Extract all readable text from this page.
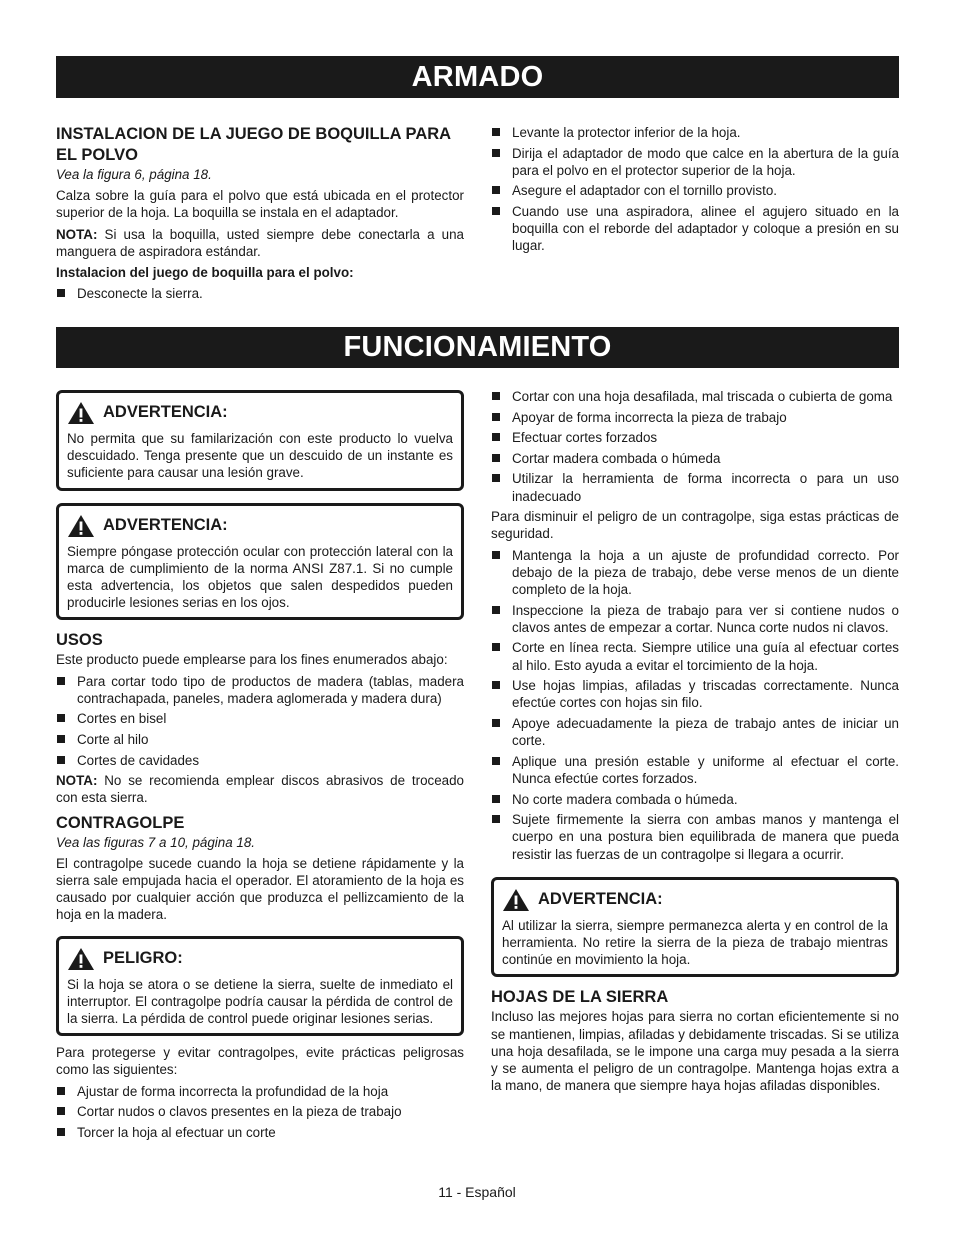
ARMADO
INSTALACION DE LA JUEGO DE BOQUILLA PARA EL POLVO

Vea la figura 6, página 18.

Calza sobre la guía para el polvo que está ubicada en el protector superior de la hoja. La boquilla se instala en el adaptador.

NOTA: Si usa la boquilla, usted siempre debe conectarla a una manguera de aspiradora estándar.

Instalacion del juego de boquilla para el polvo:

Desconecte la sierra.
Levante la protector inferior de la hoja.
Dirija el adaptador de modo que calce en la abertura de la guía para el polvo en el protector superior de la hoja.
Asegure el adaptador con el tornillo provisto.
Cuando use una aspiradora, alinee el agujero situado en la boquilla con el reborde del adaptador y coloque a presión en su lugar.
FUNCIONAMIENTO
ADVERTENCIA:

No permita que su familarización con este producto lo vuelva descuidado. Tenga presente que un descuido de un instante es suficiente para causar una lesión grave.

ADVERTENCIA:

Siempre póngase protección ocular con protección lateral con la marca de cumplimiento de la norma ANSI Z87.1. Si no cumple esta advertencia, los objetos que salen despedidos pueden producirle lesiones serias en los ojos.

USOS

Este producto puede emplearse para los fines enumerados abajo:

Para cortar todo tipo de productos de madera (tablas, madera contrachapada, paneles, madera aglomerada y madera dura)
Cortes en bisel
Corte al hilo
Cortes de cavidades

NOTA: No se recomienda emplear discos abrasivos de troceado con esta sierra.

CONTRAGOLPE

Vea las figuras 7 a 10, página 18.

El contragolpe sucede cuando la hoja se detiene rápidamente y la sierra sale empujada hacia el operador. El atoramiento de la hoja es causado por cualquier acción que produzca el pellizcamiento de la hoja en la madera.

PELIGRO:

Si la hoja se atora o se detiene la sierra, suelte de inmediato el interruptor. El contragolpe podría causar la pérdida de control de la sierra. La pérdida de control puede originar lesiones serias.

Para protegerse y evitar contragolpes, evite prácticas peligrosas como las siguientes:

Ajustar de forma incorrecta la profundidad de la hoja
Cortar nudos o clavos presentes en la pieza de trabajo
Torcer la hoja al efectuar un corte
Cortar con una hoja desafilada, mal triscada o cubierta de goma
Apoyar de forma incorrecta la pieza de trabajo
Efectuar cortes forzados
Cortar madera combada o húmeda
Utilizar la herramienta de forma incorrecta o para un uso inadecuado

Para disminuir el peligro de un contragolpe, siga estas prácticas de seguridad.

Mantenga la hoja a un ajuste de profundidad correcto. Por debajo de la pieza de trabajo, debe verse menos de un diente completo de la hoja.
Inspeccione la pieza de trabajo para ver si contiene nudos o clavos antes de empezar a cortar. Nunca corte nudos ni clavos.
Corte en línea recta. Siempre utilice una guía al efectuar cortes al hilo. Esto ayuda a evitar el torcimiento de la hoja.
Use hojas limpias, afiladas y triscadas correctamente. Nunca efectúe cortes con hojas sin filo.
Apoye adecuadamente la pieza de trabajo antes de iniciar un corte.
Aplique una presión estable y uniforme al efectuar el corte. Nunca efectúe cortes forzados.
No corte madera combada o húmeda.
Sujete firmemente la sierra con ambas manos y mantenga el cuerpo en una postura bien equilibrada de manera que pueda resistir las fuerzas de un contragolpe si llegara a ocurrir.
ADVERTENCIA:

Al utilizar la sierra, siempre permanezca alerta y en control de la herramienta. No retire la sierra de la pieza de trabajo mientras continúe en movimiento la hoja.

HOJAS DE LA SIERRA

Incluso las mejores hojas para sierra no cortan eficientemente si no se mantienen, limpias, afiladas y debidamente triscadas. Si se utiliza una hoja desafilada, se le impone una carga muy pesada a la sierra y se aumenta el peligro de un contragolpe. Mantenga hojas extra a la mano, de manera que siempre haya hojas afiladas disponibles.

11 - Español
